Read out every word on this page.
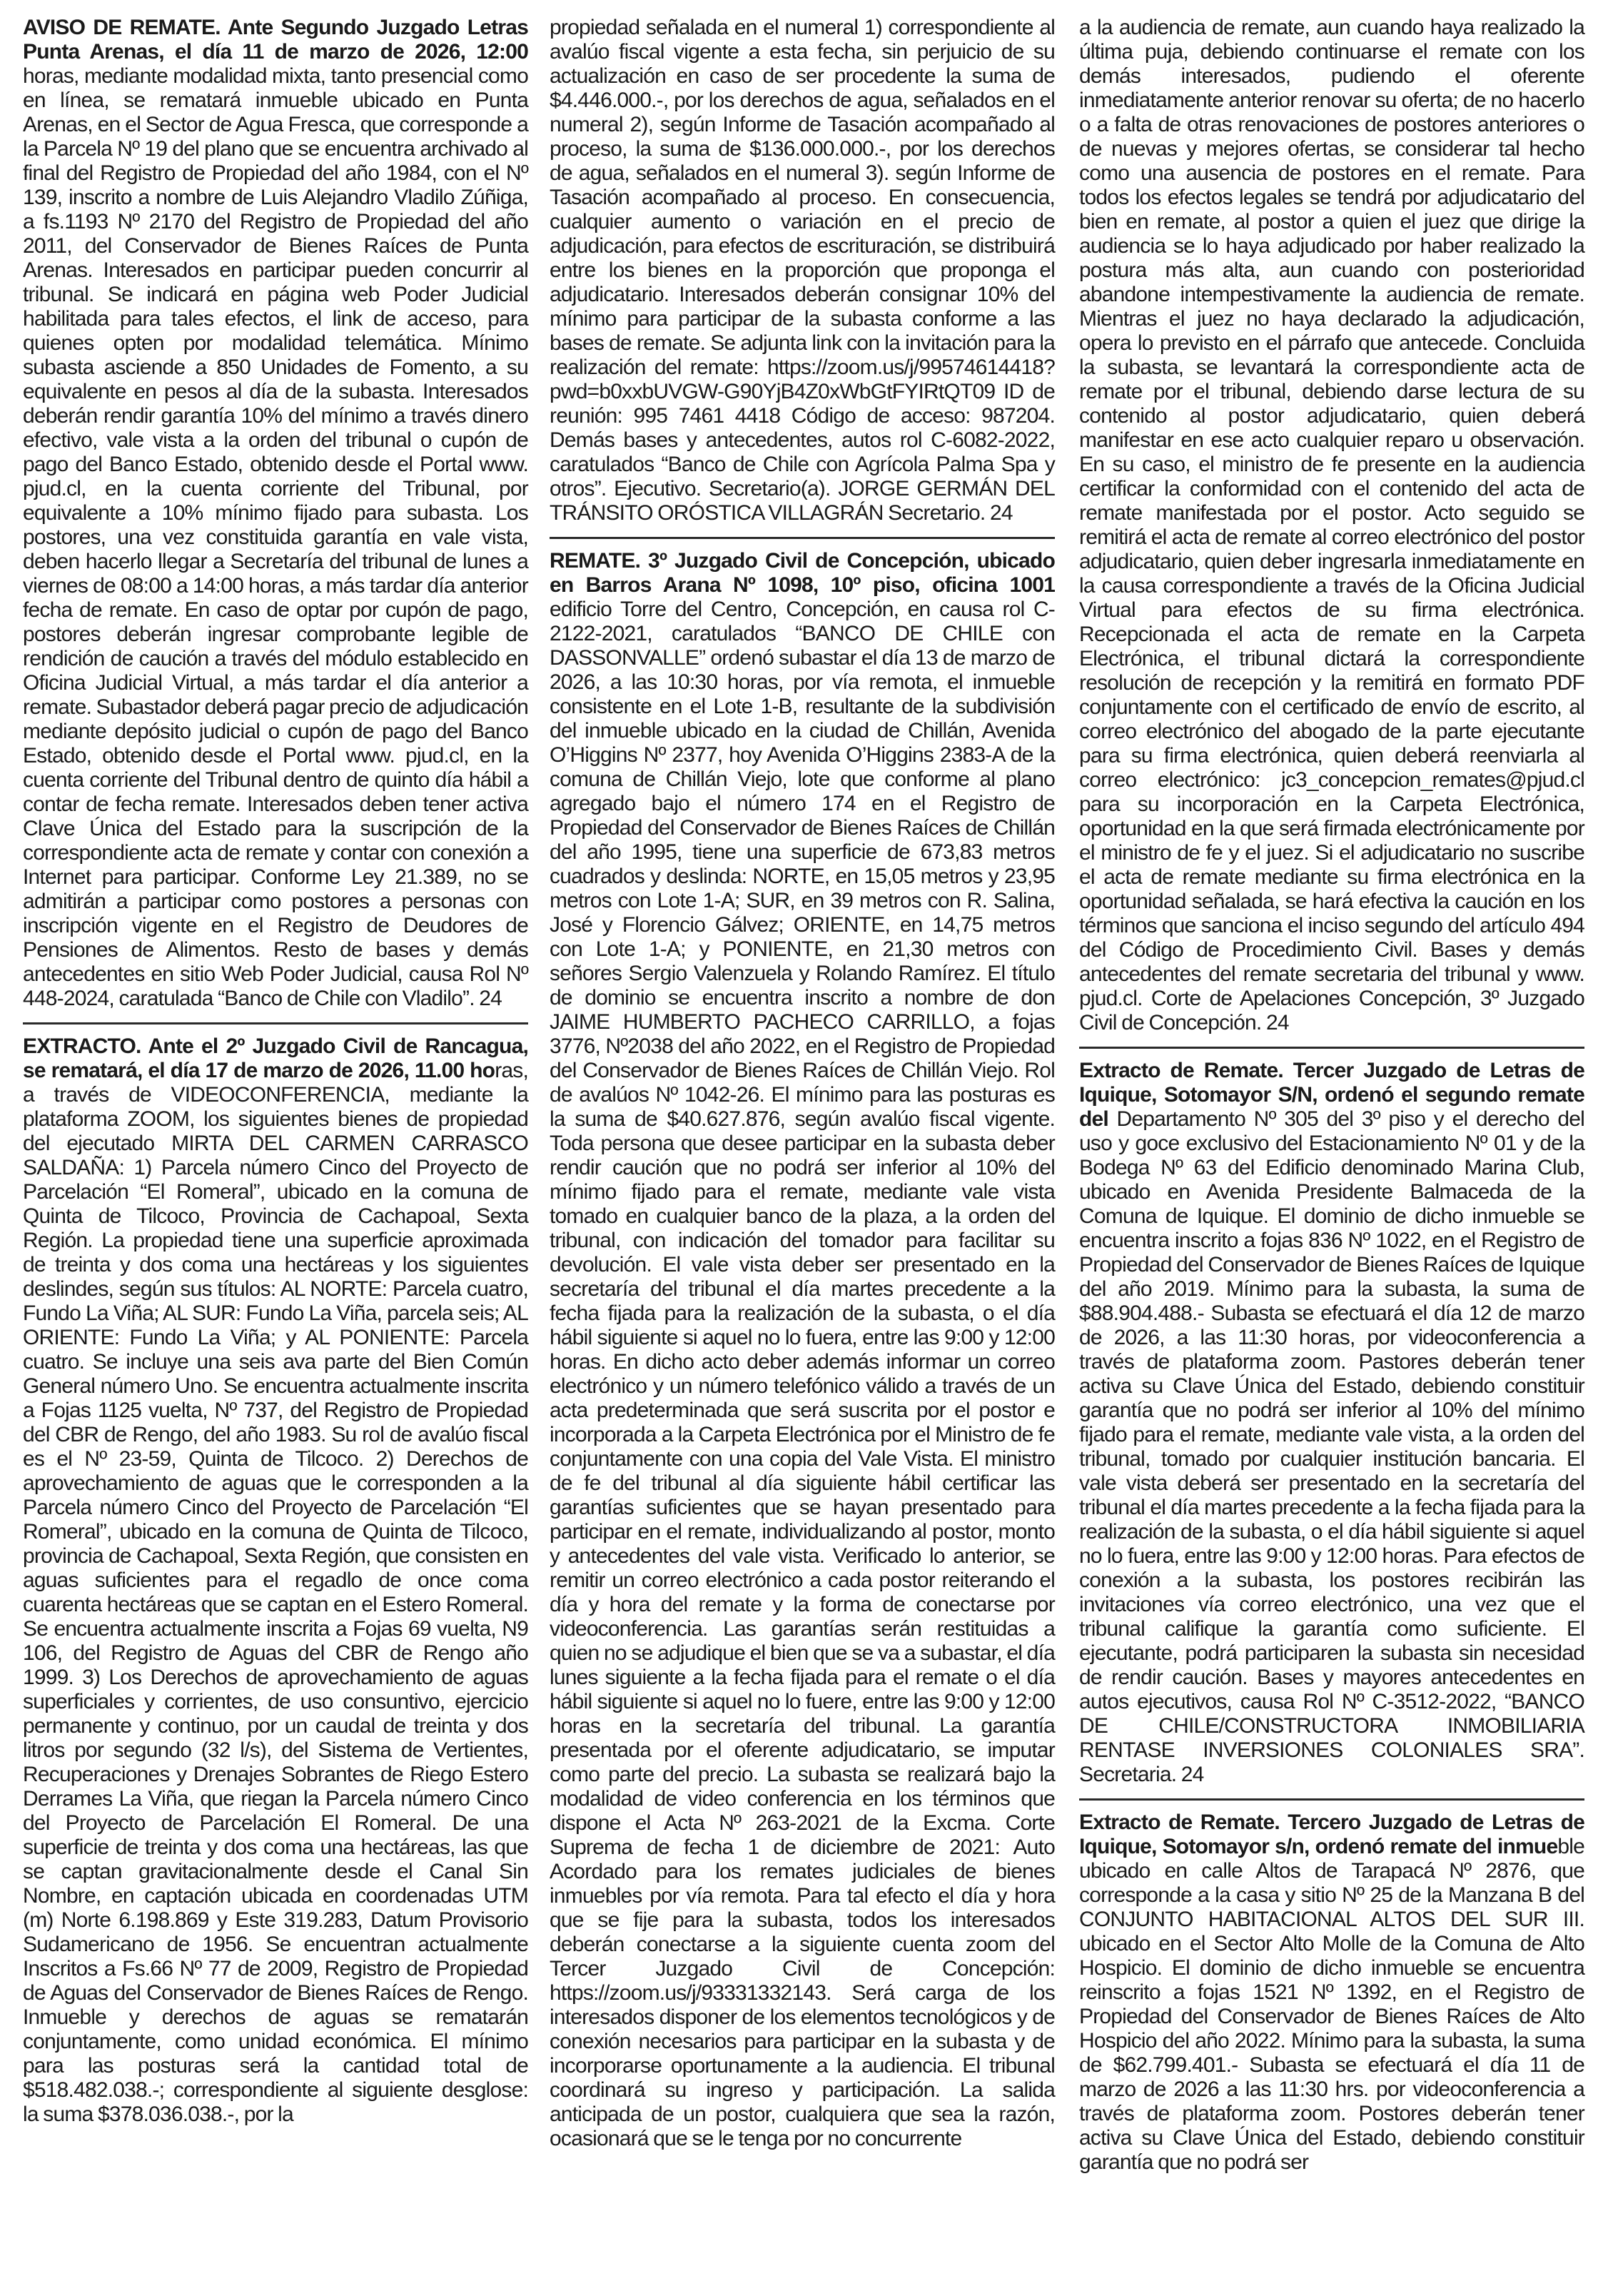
AVISO DE REMATE. Ante Segundo Juzgado Letras Punta Arenas, el día 11 de marzo de 2026, 12:00 horas, mediante modalidad mixta, tanto presencial como en línea, se rematará inmueble ubicado en Punta Arenas, en el Sector de Agua Fresca, que corresponde a la Parcela Nº 19 del plano que se encuentra archivado al final del Registro de Propiedad del año 1984, con el Nº 139, inscrito a nombre de Luis Alejandro Vladilo Zúñiga, a fs.1193 Nº 2170 del Registro de Propiedad del año 2011, del Conservador de Bienes Raíces de Punta Arenas. Interesados en participar pueden concurrir al tribunal. Se indicará en página web Poder Judicial habilitada para tales efectos, el link de acceso, para quienes opten por modalidad telemática. Mínimo subasta asciende a 850 Unidades de Fomento, a su equivalente en pesos al día de la subasta. Interesados deberán rendir garantía 10% del mínimo a través dinero efectivo, vale vista a la orden del tribunal o cupón de pago del Banco Estado, obtenido desde el Portal www. pjud.cl, en la cuenta corriente del Tribunal, por equivalente a 10% mínimo fijado para subasta. Los postores, una vez constituida garantía en vale vista, deben hacerlo llegar a Secretaría del tribunal de lunes a viernes de 08:00 a 14:00 horas, a más tardar día anterior fecha de remate. En caso de optar por cupón de pago, postores deberán ingresar comprobante legible de rendición de caución a través del módulo establecido en Oficina Judicial Virtual, a más tardar el día anterior a remate. Subastador deberá pagar precio de adjudicación mediante depósito judicial o cupón de pago del Banco Estado, obtenido desde el Portal www. pjud.cl, en la cuenta corriente del Tribunal dentro de quinto día hábil a contar de fecha remate. Interesados deben tener activa Clave Única del Estado para la suscripción de la correspondiente acta de remate y contar con conexión a Internet para participar. Conforme Ley 21.389, no se admitirán a participar como postores a personas con inscripción vigente en el Registro de Deudores de Pensiones de Alimentos. Resto de bases y demás antecedentes en sitio Web Poder Judicial, causa Rol Nº 448-2024, caratulada “Banco de Chile con Vladilo”. 24

EXTRACTO. Ante el 2º Juzgado Civil de Rancagua, se rematará, el día 17 de marzo de 2026, 11.00 horas, a través de VIDEOCONFERENCIA, mediante la plataforma ZOOM, los siguientes bienes de propiedad del ejecutado MIRTA DEL CARMEN CARRASCO SALDAÑA: 1) Parcela número Cinco del Proyecto de Parcelación “El Romeral”, ubicado en la comuna de Quinta de Tilcoco, Provincia de Cachapoal, Sexta Región. La propiedad tiene una superficie aproximada de treinta y dos coma una hectáreas y los siguientes deslindes, según sus títulos: AL NORTE: Parcela cuatro, Fundo La Viña; AL SUR: Fundo La Viña, parcela seis; AL ORIENTE: Fundo La Viña; y AL PONIENTE: Parcela cuatro. Se incluye una seis ava parte del Bien Común General número Uno. Se encuentra actualmente inscrita a Fojas 1125 vuelta, Nº 737, del Registro de Propiedad del CBR de Rengo, del año 1983. Su rol de avalúo fiscal es el Nº 23-59, Quinta de Tilcoco. 2) Derechos de aprovechamiento de aguas que le corresponden a la Parcela número Cinco del Proyecto de Parcelación “El Romeral”, ubicado en la comuna de Quinta de Tilcoco, provincia de Cachapoal, Sexta Región, que consisten en aguas suficientes para el regadlo de once coma cuarenta hectáreas que se captan en el Estero Romeral. Se encuentra actualmente inscrita a Fojas 69 vuelta, N9 106, del Registro de Aguas del CBR de Rengo año 1999. 3) Los Derechos de aprovechamiento de aguas superficiales y corrientes, de uso consuntivo, ejercicio permanente y continuo, por un caudal de treinta y dos litros por segundo (32 l/s), del Sistema de Vertientes, Recuperaciones y Drenajes Sobrantes de Riego Estero Derrames La Viña, que riegan la Parcela número Cinco del Proyecto de Parcelación El Romeral. De una superficie de treinta y dos coma una hectáreas, las que se captan gravitacionalmente desde el Canal Sin Nombre, en captación ubicada en coordenadas UTM (m) Norte 6.198.869 y Este 319.283, Datum Provisorio Sudamericano de 1956. Se encuentran actualmente Inscritos a Fs.66 Nº 77 de 2009, Registro de Propiedad de Aguas del Conservador de Bienes Raíces de Rengo. Inmueble y derechos de aguas se rematarán conjuntamente, como unidad económica. El mínimo para las posturas será la cantidad total de $518.482.038.-; correspondiente al siguiente desglose: la suma $378.036.038.-, por la

propiedad señalada en el numeral 1) correspondiente al avalúo fiscal vigente a esta fecha, sin perjuicio de su actualización en caso de ser procedente la suma de $4.446.000.-, por los derechos de agua, señalados en el numeral 2), según Informe de Tasación acompañado al proceso, la suma de $136.000.000.-, por los derechos de agua, señalados en el numeral 3). según Informe de Tasación acompañado al proceso. En consecuencia, cualquier aumento o variación en el precio de adjudicación, para efectos de escrituración, se distribuirá entre los bienes en la proporción que proponga el adjudicatario. Interesados deberán consignar 10% del mínimo para participar de la subasta conforme a las bases de remate. Se adjunta link con la invitación para la realización del remate: https://zoom.us/j/99574614418?pwd=b0xxbUVGW-G90YjB4Z0xWbGtFYIRtQT09 ID de reunión: 995 7461 4418 Código de acceso: 987204. Demás bases y antecedentes, autos rol C-6082-2022, caratulados “Banco de Chile con Agrícola Palma Spa y otros”. Ejecutivo. Secretario(a). JORGE GERMÁN DEL TRÁNSITO ORÓSTICA VILLAGRÁN Secretario. 24

REMATE. 3º Juzgado Civil de Concepción, ubicado en Barros Arana Nº 1098, 10º piso, oficina 1001 edificio Torre del Centro, Concepción, en causa rol C-2122-2021, caratulados “BANCO DE CHILE con DASSONVALLE” ordenó subastar el día 13 de marzo de 2026, a las 10:30 horas, por vía remota, el inmueble consistente en el Lote 1-B, resultante de la subdivisión del inmueble ubicado en la ciudad de Chillán, Avenida O’Higgins Nº 2377, hoy Avenida O’Higgins 2383-A de la comuna de Chillán Viejo, lote que conforme al plano agregado bajo el número 174 en el Registro de Propiedad del Conservador de Bienes Raíces de Chillán del año 1995, tiene una superficie de 673,83 metros cuadrados y deslinda: NORTE, en 15,05 metros y 23,95 metros con Lote 1-A; SUR, en 39 metros con R. Salina, José y Florencio Gálvez; ORIENTE, en 14,75 metros con Lote 1-A; y PONIENTE, en 21,30 metros con señores Sergio Valenzuela y Rolando Ramírez. El título de dominio se encuentra inscrito a nombre de don JAIME HUMBERTO PACHECO CARRILLO, a fojas 3776, Nº2038 del año 2022, en el Registro de Propiedad del Conservador de Bienes Raíces de Chillán Viejo. Rol de avalúos Nº 1042-26. El mínimo para las posturas es la suma de $40.627.876, según avalúo fiscal vigente. Toda persona que desee participar en la subasta deber rendir caución que no podrá ser inferior al 10% del mínimo fijado para el remate, mediante vale vista tomado en cualquier banco de la plaza, a la orden del tribunal, con indicación del tomador para facilitar su devolución. El vale vista deber ser presentado en la secretaría del tribunal el día martes precedente a la fecha fijada para la realización de la subasta, o el día hábil siguiente si aquel no lo fuera, entre las 9:00 y 12:00 horas. En dicho acto deber además informar un correo electrónico y un número telefónico válido a través de un acta predeterminada que será suscrita por el postor e incorporada a la Carpeta Electrónica por el Ministro de fe conjuntamente con una copia del Vale Vista. El ministro de fe del tribunal al día siguiente hábil certificar las garantías suficientes que se hayan presentado para participar en el remate, individualizando al postor, monto y antecedentes del vale vista. Verificado lo anterior, se remitir un correo electrónico a cada postor reiterando el día y hora del remate y la forma de conectarse por videoconferencia. Las garantías serán restituidas a quien no se adjudique el bien que se va a subastar, el día lunes siguiente a la fecha fijada para el remate o el día hábil siguiente si aquel no lo fuere, entre las 9:00 y 12:00 horas en la secretaría del tribunal. La garantía presentada por el oferente adjudicatario, se imputar como parte del precio. La subasta se realizará bajo la modalidad de video conferencia en los términos que dispone el Acta Nº 263-2021 de la Excma. Corte Suprema de fecha 1 de diciembre de 2021: Auto Acordado para los remates judiciales de bienes inmuebles por vía remota. Para tal efecto el día y hora que se fije para la subasta, todos los interesados deberán conectarse a la siguiente cuenta zoom del Tercer Juzgado Civil de Concepción: https://zoom.us/j/93331332143. Será carga de los interesados disponer de los elementos tecnológicos y de conexión necesarios para participar en la subasta y de incorporarse oportunamente a la audiencia. El tribunal coordinará su ingreso y participación. La salida anticipada de un postor, cualquiera que sea la razón, ocasionará que se le tenga por no concurrente

a la audiencia de remate, aun cuando haya realizado la última puja, debiendo continuarse el remate con los demás interesados, pudiendo el oferente inmediatamente anterior renovar su oferta; de no hacerlo o a falta de otras renovaciones de postores anteriores o de nuevas y mejores ofertas, se considerar tal hecho como una ausencia de postores en el remate. Para todos los efectos legales se tendrá por adjudicatario del bien en remate, al postor a quien el juez que dirige la audiencia se lo haya adjudicado por haber realizado la postura más alta, aun cuando con posterioridad abandone intempestivamente la audiencia de remate. Mientras el juez no haya declarado la adjudicación, opera lo previsto en el párrafo que antecede. Concluida la subasta, se levantará la correspondiente acta de remate por el tribunal, debiendo darse lectura de su contenido al postor adjudicatario, quien deberá manifestar en ese acto cualquier reparo u observación. En su caso, el ministro de fe presente en la audiencia certificar la conformidad con el contenido del acta de remate manifestada por el postor. Acto seguido se remitirá el acta de remate al correo electrónico del postor adjudicatario, quien deber ingresarla inmediatamente en la causa correspondiente a través de la Oficina Judicial Virtual para efectos de su firma electrónica. Recepcionada el acta de remate en la Carpeta Electrónica, el tribunal dictará la correspondiente resolución de recepción y la remitirá en formato PDF conjuntamente con el certificado de envío de escrito, al correo electrónico del abogado de la parte ejecutante para su firma electrónica, quien deberá reenviarla al correo electrónico: jc3_concepcion_remates@pjud.cl para su incorporación en la Carpeta Electrónica, oportunidad en la que será firmada electrónicamente por el ministro de fe y el juez. Si el adjudicatario no suscribe el acta de remate mediante su firma electrónica en la oportunidad señalada, se hará efectiva la caución en los términos que sanciona el inciso segundo del artículo 494 del Código de Procedimiento Civil. Bases y demás antecedentes del remate secretaria del tribunal y www. pjud.cl. Corte de Apelaciones Concepción, 3º Juzgado Civil de Concepción. 24

Extracto de Remate. Tercer Juzgado de Letras de Iquique, Sotomayor S/N, ordenó el segundo remate del Departamento Nº 305 del 3º piso y el derecho del uso y goce exclusivo del Estacionamiento Nº 01 y de la Bodega Nº 63 del Edificio denominado Marina Club, ubicado en Avenida Presidente Balmaceda de la Comuna de Iquique. El dominio de dicho inmueble se encuentra inscrito a fojas 836 Nº 1022, en el Registro de Propiedad del Conservador de Bienes Raíces de Iquique del año 2019. Mínimo para la subasta, la suma de $88.904.488.- Subasta se efectuará el día 12 de marzo de 2026, a las 11:30 horas, por videoconferencia a través de plataforma zoom. Pastores deberán tener activa su Clave Única del Estado, debiendo constituir garantía que no podrá ser inferior al 10% del mínimo fijado para el remate, mediante vale vista, a la orden del tribunal, tomado por cualquier institución bancaria. El vale vista deberá ser presentado en la secretaría del tribunal el día martes precedente a la fecha fijada para la realización de la subasta, o el día hábil siguiente si aquel no lo fuera, entre las 9:00 y 12:00 horas. Para efectos de conexión a la subasta, los postores recibirán las invitaciones vía correo electrónico, una vez que el tribunal califique la garantía como suficiente. El ejecutante, podrá participaren la subasta sin necesidad de rendir caución. Bases y mayores antecedentes en autos ejecutivos, causa Rol Nº C-3512-2022, “BANCO DE CHILE/CONSTRUCTORA INMOBILIARIA RENTASE INVERSIONES COLONIALES SRA”. Secretaria. 24

Extracto de Remate. Tercero Juzgado de Letras de Iquique, Sotomayor s/n, ordenó remate del inmueble ubicado en calle Altos de Tarapacá Nº 2876, que corresponde a la casa y sitio Nº 25 de la Manzana B del CONJUNTO HABITACIONAL ALTOS DEL SUR III. ubicado en el Sector Alto Molle de la Comuna de Alto Hospicio. El dominio de dicho inmueble se encuentra reinscrito a fojas 1521 Nº 1392, en el Registro de Propiedad del Conservador de Bienes Raíces de Alto Hospicio del año 2022. Mínimo para la subasta, la suma de $62.799.401.- Subasta se efectuará el día 11 de marzo de 2026 a las 11:30 hrs. por videoconferencia a través de plataforma zoom. Postores deberán tener activa su Clave Única del Estado, debiendo constituir garantía que no podrá ser
